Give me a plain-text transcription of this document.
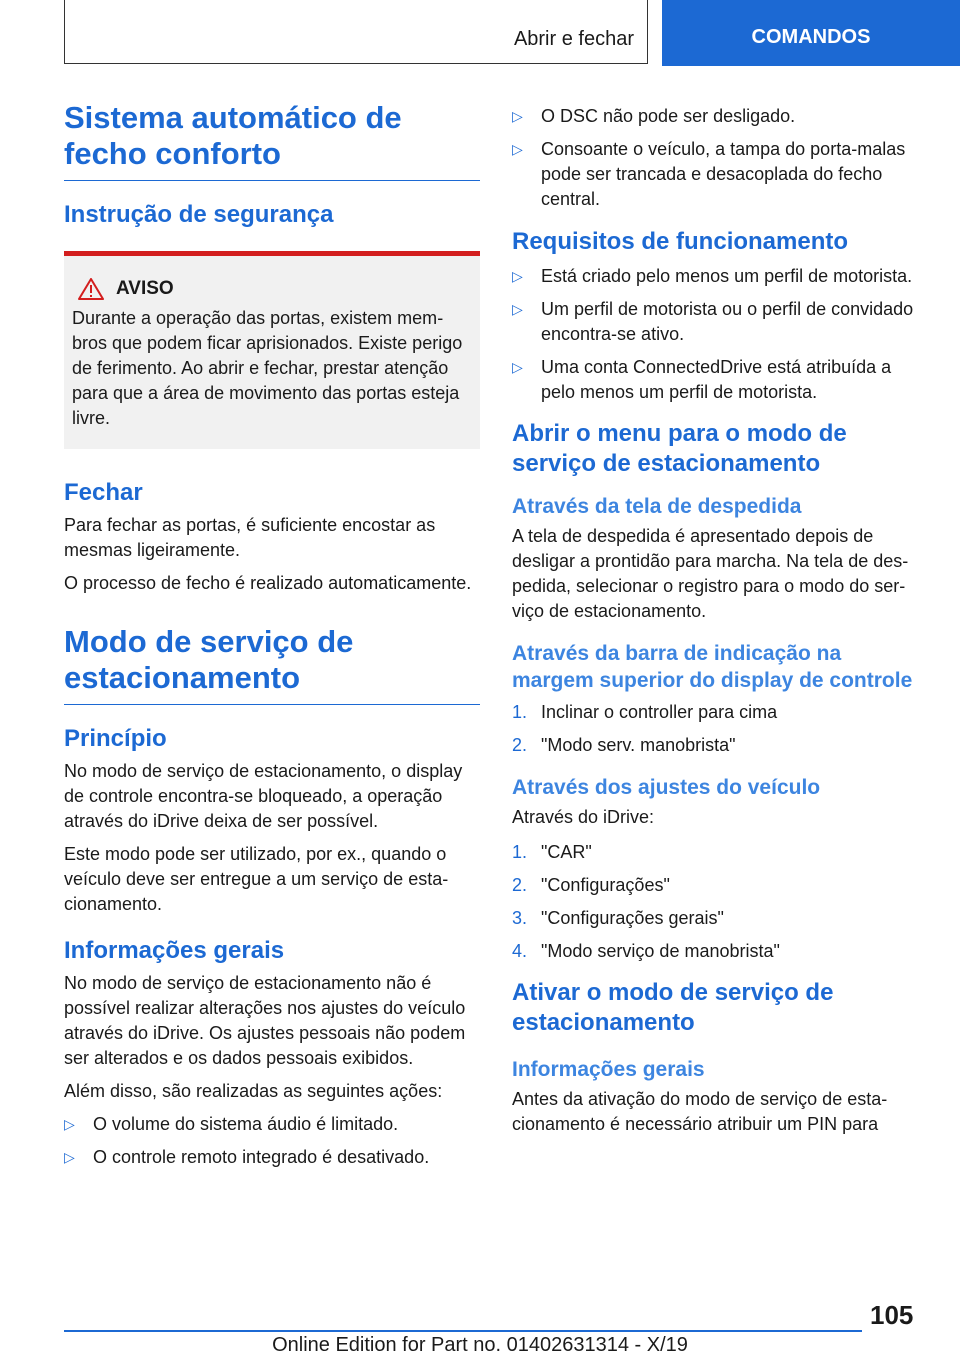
Abrir e fechar	COMANDOS
Sistema automático de fecho conforto
Instrução de segurança
AVISO

Durante a operação das portas, existem membros que podem ficar aprisionados. Existe perigo de ferimento. Ao abrir e fechar, prestar atenção para que a área de movimento das portas esteja livre.

Fechar

Para fechar as portas, é suficiente encostar as mesmas ligeiramente.

O processo de fecho é realizado automaticamente.

Modo de serviço de estacionamento
Princípio

No modo de serviço de estacionamento, o display de controle encontra-se bloqueado, a operação através do iDrive deixa de ser possível.

Este modo pode ser utilizado, por ex., quando o veículo deve ser entregue a um serviço de estacionamento.

Informações gerais

No modo de serviço de estacionamento não é possível realizar alterações nos ajustes do veículo através do iDrive. Os ajustes pessoais não podem ser alterados e os dados pessoais exibidos.

Além disso, são realizadas as seguintes ações:

▷ O volume do sistema áudio é limitado.
▷ O controle remoto integrado é desativado.
▷ O DSC não pode ser desligado.
▷ Consoante o veículo, a tampa do porta-malas pode ser trancada e desacoplada do fecho central.
Requisitos de funcionamento
▷ Está criado pelo menos um perfil de motorista.
▷ Um perfil de motorista ou o perfil de convidado encontra-se ativo.
▷ Uma conta ConnectedDrive está atribuída a pelo menos um perfil de motorista.
Abrir o menu para o modo de serviço de estacionamento
Através da tela de despedida

A tela de despedida é apresentado depois de desligar a prontidão para marcha. Na tela de despedida, selecionar o registro para o modo do serviço de estacionamento.

Através da barra de indicação na margem superior do display de controle
1. Inclinar o controller para cima
2. "Modo serv. manobrista"
Através dos ajustes do veículo

Através do iDrive:

1. "CAR"
2. "Configurações"
3. "Configurações gerais"
4. "Modo serviço de manobrista"
Ativar o modo de serviço de estacionamento
Informações gerais

Antes da ativação do modo de serviço de estacionamento é necessário atribuir um PIN para

105
Online Edition for Part no. 01402631314 - X/19
